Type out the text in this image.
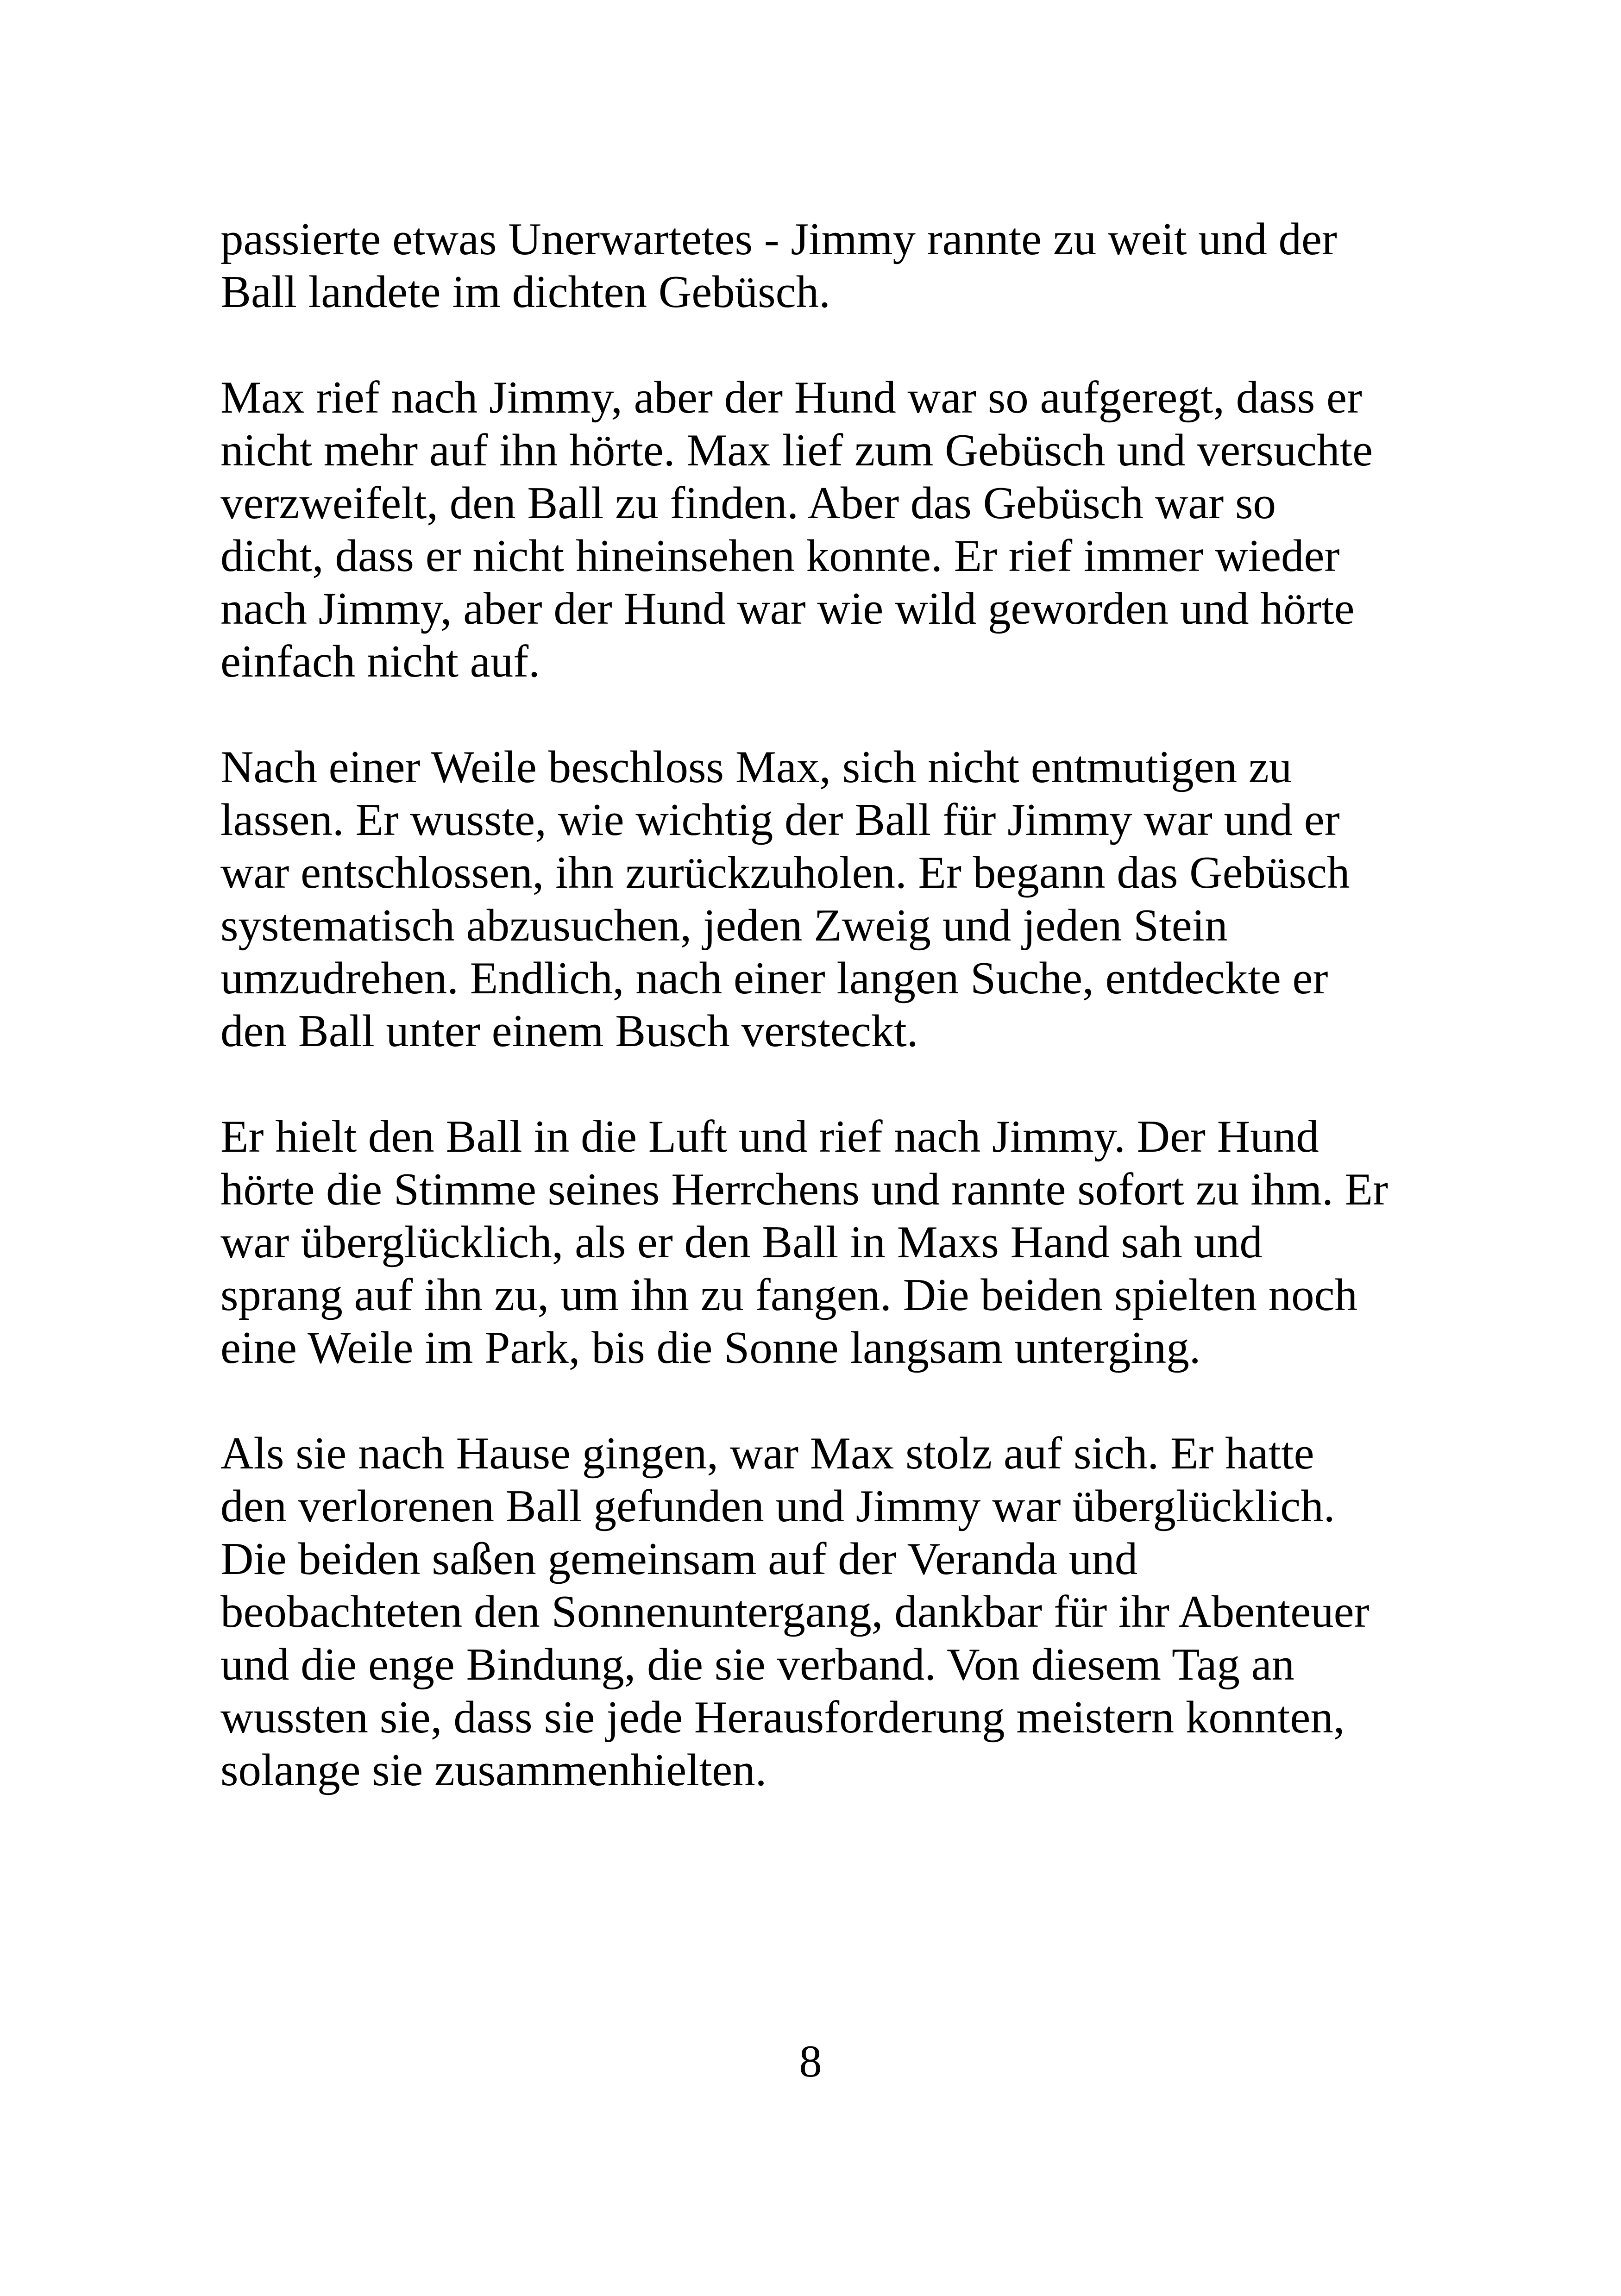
passierte etwas Unerwartetes - Jimmy rannte zu weit und der
Ball landete im dichten Gebüsch.

Max rief nach Jimmy, aber der Hund war so aufgeregt, dass er
nicht mehr auf ihn hörte. Max lief zum Gebüsch und versuchte
verzweifelt, den Ball zu finden. Aber das Gebüsch war so
dicht, dass er nicht hineinsehen konnte. Er rief immer wieder
nach Jimmy, aber der Hund war wie wild geworden und hörte
einfach nicht auf.

Nach einer Weile beschloss Max, sich nicht entmutigen zu
lassen. Er wusste, wie wichtig der Ball für Jimmy war und er
war entschlossen, ihn zurückzuholen. Er begann das Gebüsch
systematisch abzusuchen, jeden Zweig und jeden Stein
umzudrehen. Endlich, nach einer langen Suche, entdeckte er
den Ball unter einem Busch versteckt.

Er hielt den Ball in die Luft und rief nach Jimmy. Der Hund
hörte die Stimme seines Herrchens und rannte sofort zu ihm. Er
war überglücklich, als er den Ball in Maxs Hand sah und
sprang auf ihn zu, um ihn zu fangen. Die beiden spielten noch
eine Weile im Park, bis die Sonne langsam unterging.

Als sie nach Hause gingen, war Max stolz auf sich. Er hatte
den verlorenen Ball gefunden und Jimmy war überglücklich.
Die beiden saßen gemeinsam auf der Veranda und
beobachteten den Sonnenuntergang, dankbar für ihr Abenteuer
und die enge Bindung, die sie verband. Von diesem Tag an
wussten sie, dass sie jede Herausforderung meistern konnten,
solange sie zusammenhielten.

8
